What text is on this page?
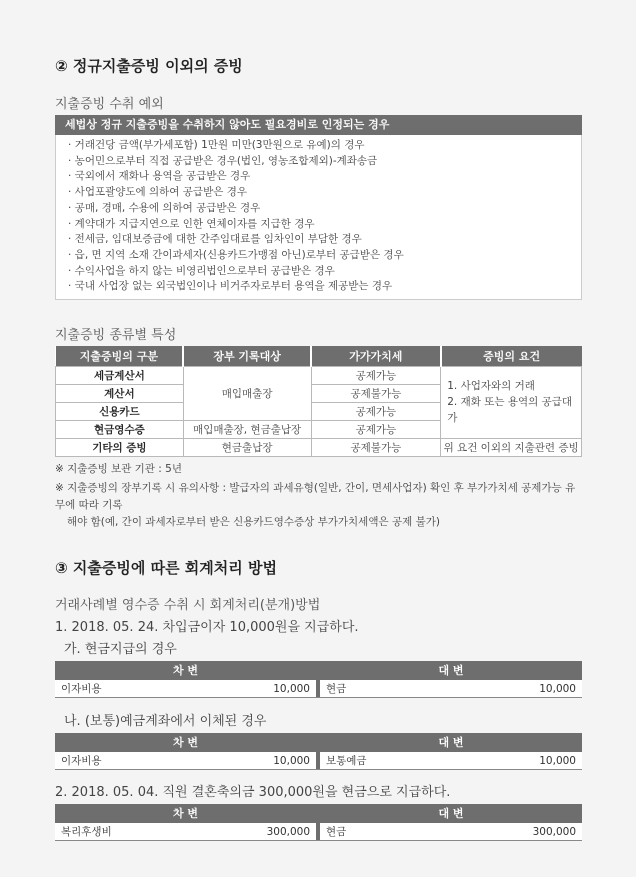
② 정규지출증빙 이외의 증빙
지출증빙 수취 예외
세법상 정규 지출증빙을 수취하지 않아도 필요경비로 인정되는 경우
· 거래건당 금액(부가세포함) 1만원 미만(3만원으로 유예)의 경우
· 농어민으로부터 직접 공급받은 경우(법인, 영농조합제외)-계좌송금
· 국외에서 재화나 용역을 공급받은 경우
· 사업포괄양도에 의하여 공급받은 경우
· 공매, 경매, 수용에 의하여 공급받은 경우
· 계약대가 지급지연으로 인한 연체이자를 지급한 경우
· 전세금, 임대보증금에 대한 간주임대료를 임차인이 부담한 경우
· 읍, 면 지역 소재 간이과세자(신용카드가맹점 아닌)로부터 공급받은 경우
· 수익사업을 하지 않는 비영리법인으로부터 공급받은 경우
· 국내 사업장 없는 외국법인이나 비거주자로부터 용역을 제공받는 경우
지출증빙 종류별 특성
지출증빙의 구분	장부 기록대상	가가가치세	증빙의 요건
세금계산서	매입매출장	공제가능	1. 사업자와의 거래
2. 재화 또는 용역의 공급대가

계산서		공제불가능	
신용카드		공제가능	
현금영수증	매입매출장, 현금출납장	공제가능	
기타의 증빙	현금출납장	공제불가능	위 요건 이외의 지출관련 증빙
※ 지출증빙 보관 기관 : 5년
※ 지출증빙의 장부기록 시 유의사항 : 발급자의 과세유형(일반, 간이, 면세사업자) 확인 후 부가가치세 공제가능 유무에 따라 기록
해야 함(예, 간이 과세자로부터 받은 신용카드영수증상 부가가치세액은 공제 불가)
③ 지출증빙에 따른 회계처리 방법
거래사례별 영수증 수취 시 회계처리(분개)방법
1. 2018. 05. 24. 차입금이자 10,000원을 지급하다.
가. 현금지급의 경우
차 변	대 변
이자비용	10,000 현금	10,000
나. (보통)예금계좌에서 이체된 경우
차 변	대 변
이자비용	10,000 보통예금	10,000
2. 2018. 05. 04. 직원 결혼축의금 300,000원을 현금으로 지급하다.
차 변	대 변
복리후생비	300,000 현금	300,000
